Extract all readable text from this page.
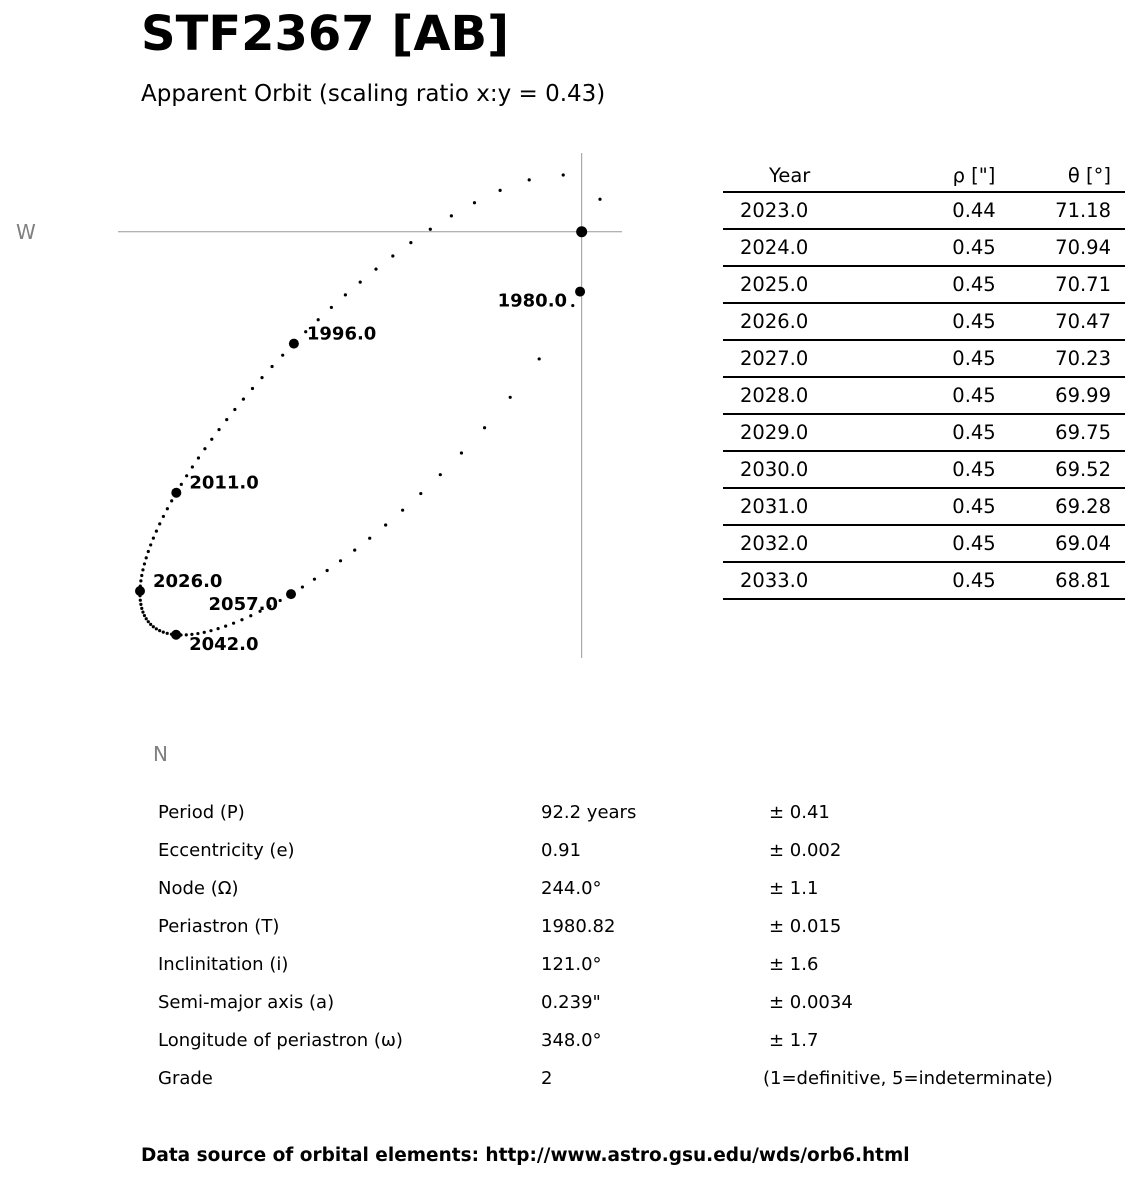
STF2367 [AB]
Apparent Orbit (scaling ratio x:y = 0.43)
1980.0
1996.0
2011.0
2026.0
2042.0
2057.0
W
N
Year	ρ ["]	θ [°]
2023.0	0.44	71.18
2024.0	0.45	70.94
2025.0	0.45	70.71
2026.0	0.45	70.47
2027.0	0.45	70.23
2028.0	0.45	69.99
2029.0	0.45	69.75
2030.0	0.45	69.52
2031.0	0.45	69.28
2032.0	0.45	69.04
2033.0	0.45	68.81
Period (P)	92.2 years	± 0.41
Eccentricity (e)	0.91	± 0.002
Node (Ω)	244.0°	± 1.1
Periastron (T)	1980.82	± 0.015
Inclinitation (i)	121.0°	± 1.6
Semi-major axis (a)	0.239"	± 0.0034
Longitude of periastron (ω)	348.0°	± 1.7
Grade	2	(1=definitive, 5=indeterminate)
Data source of orbital elements: http://www.astro.gsu.edu/wds/orb6.html
